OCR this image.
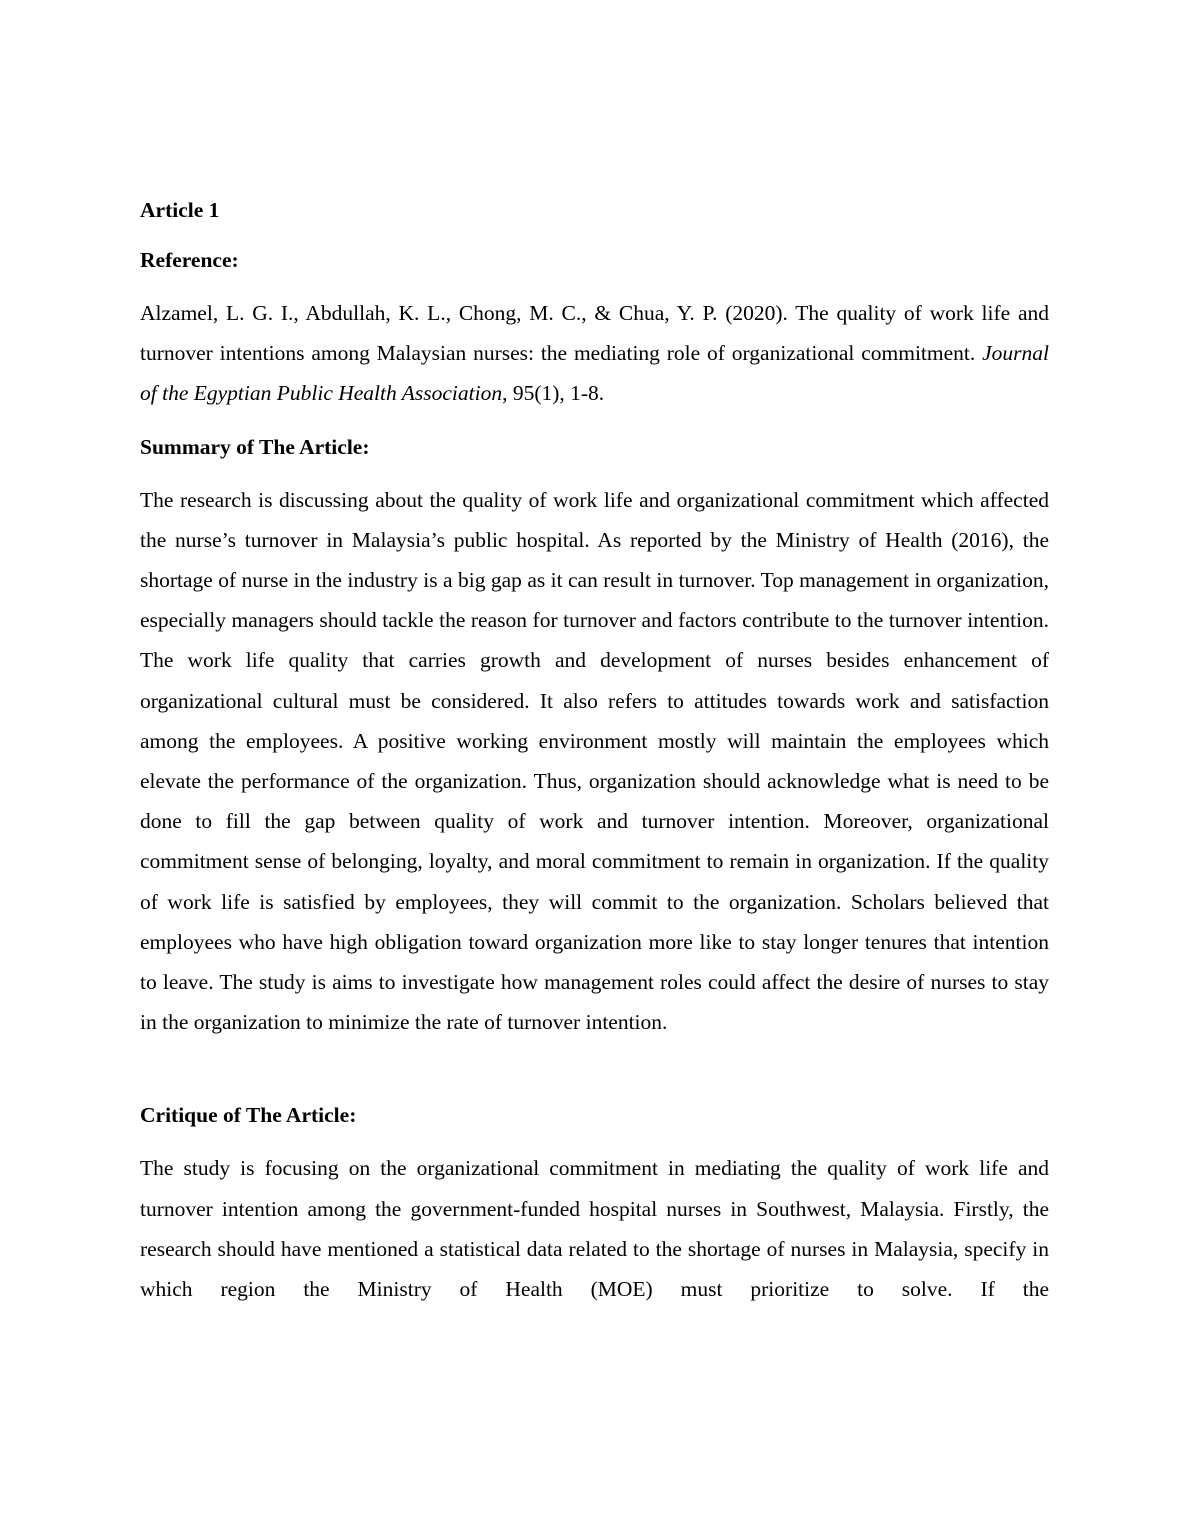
Article 1
Reference:
Alzamel, L. G. I., Abdullah, K. L., Chong, M. C., & Chua, Y. P. (2020). The quality of work life and turnover intentions among Malaysian nurses: the mediating role of organizational commitment. Journal of the Egyptian Public Health Association, 95(1), 1-8.
Summary of The Article:
The research is discussing about the quality of work life and organizational commitment which affected the nurse’s turnover in Malaysia’s public hospital. As reported by the Ministry of Health (2016), the shortage of nurse in the industry is a big gap as it can result in turnover. Top management in organization, especially managers should tackle the reason for turnover and factors contribute to the turnover intention. The work life quality that carries growth and development of nurses besides enhancement of organizational cultural must be considered. It also refers to attitudes towards work and satisfaction among the employees. A positive working environment mostly will maintain the employees which elevate the performance of the organization. Thus, organization should acknowledge what is need to be done to fill the gap between quality of work and turnover intention. Moreover, organizational commitment sense of belonging, loyalty, and moral commitment to remain in organization. If the quality of work life is satisfied by employees, they will commit to the organization. Scholars believed that employees who have high obligation toward organization more like to stay longer tenures that intention to leave. The study is aims to investigate how management roles could affect the desire of nurses to stay in the organization to minimize the rate of turnover intention.
Critique of The Article:
The study is focusing on the organizational commitment in mediating the quality of work life and turnover intention among the government-funded hospital nurses in Southwest, Malaysia. Firstly, the research should have mentioned a statistical data related to the shortage of nurses in Malaysia, specify in which region the Ministry of Health (MOE) must prioritize to solve. If the
